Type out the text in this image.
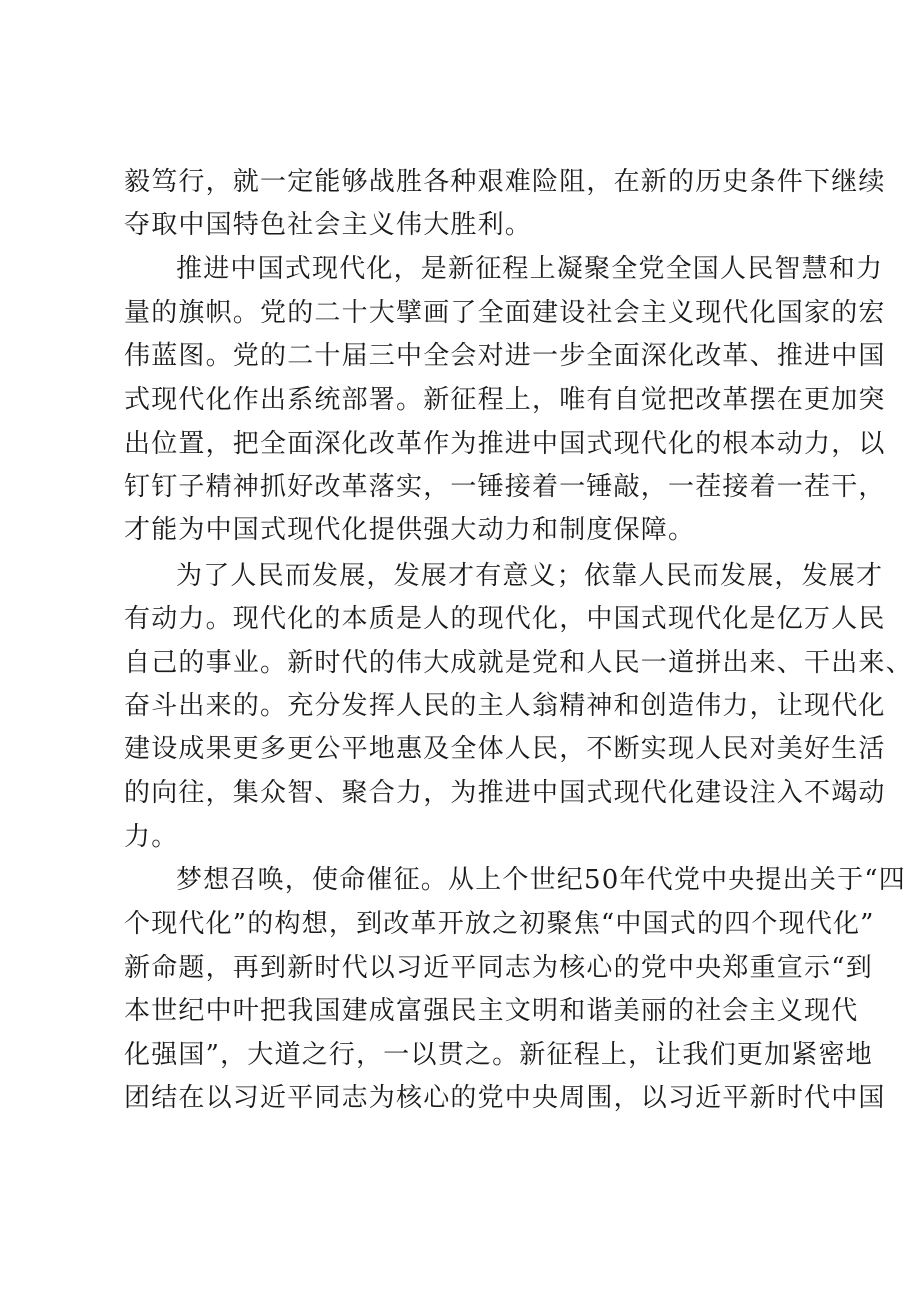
毅笃行，就一定能够战胜各种艰难险阻，在新的历史条件下继续
夺取中国特色社会主义伟大胜利。
推进中国式现代化，是新征程上凝聚全党全国人民智慧和力
量的旗帜。党的二十大擘画了全面建设社会主义现代化国家的宏
伟蓝图。党的二十届三中全会对进一步全面深化改革、推进中国
式现代化作出系统部署。新征程上，唯有自觉把改革摆在更加突
出位置，把全面深化改革作为推进中国式现代化的根本动力，以
钉钉子精神抓好改革落实，一锤接着一锤敲，一茬接着一茬干，
才能为中国式现代化提供强大动力和制度保障。
为了人民而发展，发展才有意义；依靠人民而发展，发展才
有动力。现代化的本质是人的现代化，中国式现代化是亿万人民
自己的事业。新时代的伟大成就是党和人民一道拼出来、干出来、
奋斗出来的。充分发挥人民的主人翁精神和创造伟力，让现代化
建设成果更多更公平地惠及全体人民，不断实现人民对美好生活
的向往，集众智、聚合力，为推进中国式现代化建设注入不竭动
力。
梦想召唤，使命催征。从上个世纪50年代党中央提出关于“四
个现代化”的构想，到改革开放之初聚焦“中国式的四个现代化”
新命题，再到新时代以习近平同志为核心的党中央郑重宣示“到
本世纪中叶把我国建成富强民主文明和谐美丽的社会主义现代
化强国”，大道之行，一以贯之。新征程上，让我们更加紧密地
团结在以习近平同志为核心的党中央周围，以习近平新时代中国
